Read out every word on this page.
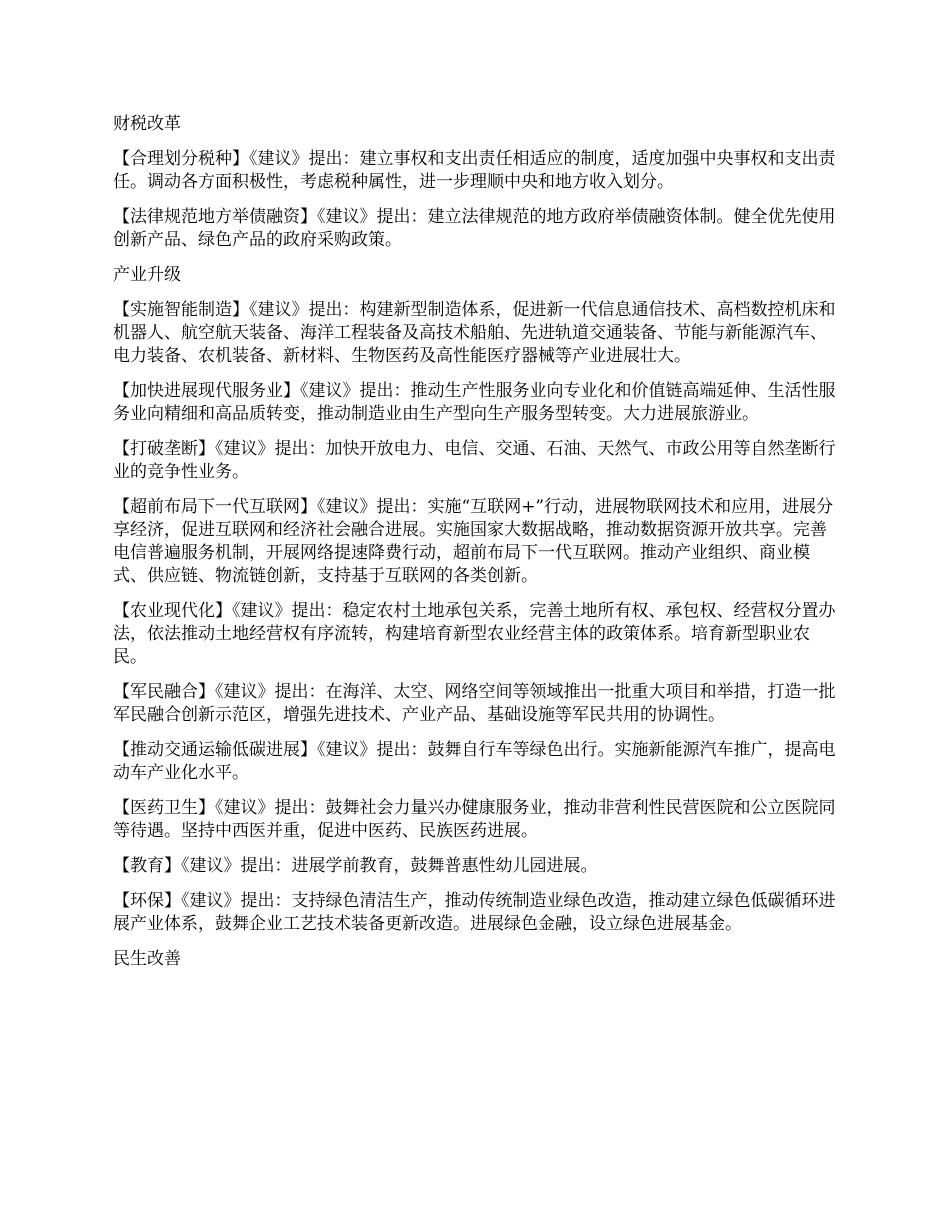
财税改革

【合理划分税种】《建议》提出：建立事权和支出责任相适应的制度，适度加强中央事权和支出责任。调动各方面积极性，考虑税种属性，进一步理顺中央和地方收入划分。

【法律规范地方举债融资】《建议》提出：建立法律规范的地方政府举债融资体制。健全优先使用创新产品、绿色产品的政府采购政策。

产业升级

【实施智能制造】《建议》提出：构建新型制造体系，促进新一代信息通信技术、高档数控机床和机器人、航空航天装备、海洋工程装备及高技术船舶、先进轨道交通装备、节能与新能源汽车、电力装备、农机装备、新材料、生物医药及高性能医疗器械等产业进展壮大。

【加快进展现代服务业】《建议》提出：推动生产性服务业向专业化和价值链高端延伸、生活性服务业向精细和高品质转变，推动制造业由生产型向生产服务型转变。大力进展旅游业。

【打破垄断】《建议》提出：加快开放电力、电信、交通、石油、天然气、市政公用等自然垄断行业的竞争性业务。

【超前布局下一代互联网】《建议》提出：实施“互联网+”行动，进展物联网技术和应用，进展分享经济，促进互联网和经济社会融合进展。实施国家大数据战略，推动数据资源开放共享。完善电信普遍服务机制，开展网络提速降费行动，超前布局下一代互联网。推动产业组织、商业模式、供应链、物流链创新，支持基于互联网的各类创新。

【农业现代化】《建议》提出：稳定农村土地承包关系，完善土地所有权、承包权、经营权分置办法，依法推动土地经营权有序流转，构建培育新型农业经营主体的政策体系。培育新型职业农民。

【军民融合】《建议》提出：在海洋、太空、网络空间等领域推出一批重大项目和举措，打造一批军民融合创新示范区，增强先进技术、产业产品、基础设施等军民共用的协调性。

【推动交通运输低碳进展】《建议》提出：鼓舞自行车等绿色出行。实施新能源汽车推广，提高电动车产业化水平。

【医药卫生】《建议》提出：鼓舞社会力量兴办健康服务业，推动非营利性民营医院和公立医院同等待遇。坚持中西医并重，促进中医药、民族医药进展。

【教育】《建议》提出：进展学前教育，鼓舞普惠性幼儿园进展。

【环保】《建议》提出：支持绿色清洁生产，推动传统制造业绿色改造，推动建立绿色低碳循环进展产业体系，鼓舞企业工艺技术装备更新改造。进展绿色金融，设立绿色进展基金。

民生改善
